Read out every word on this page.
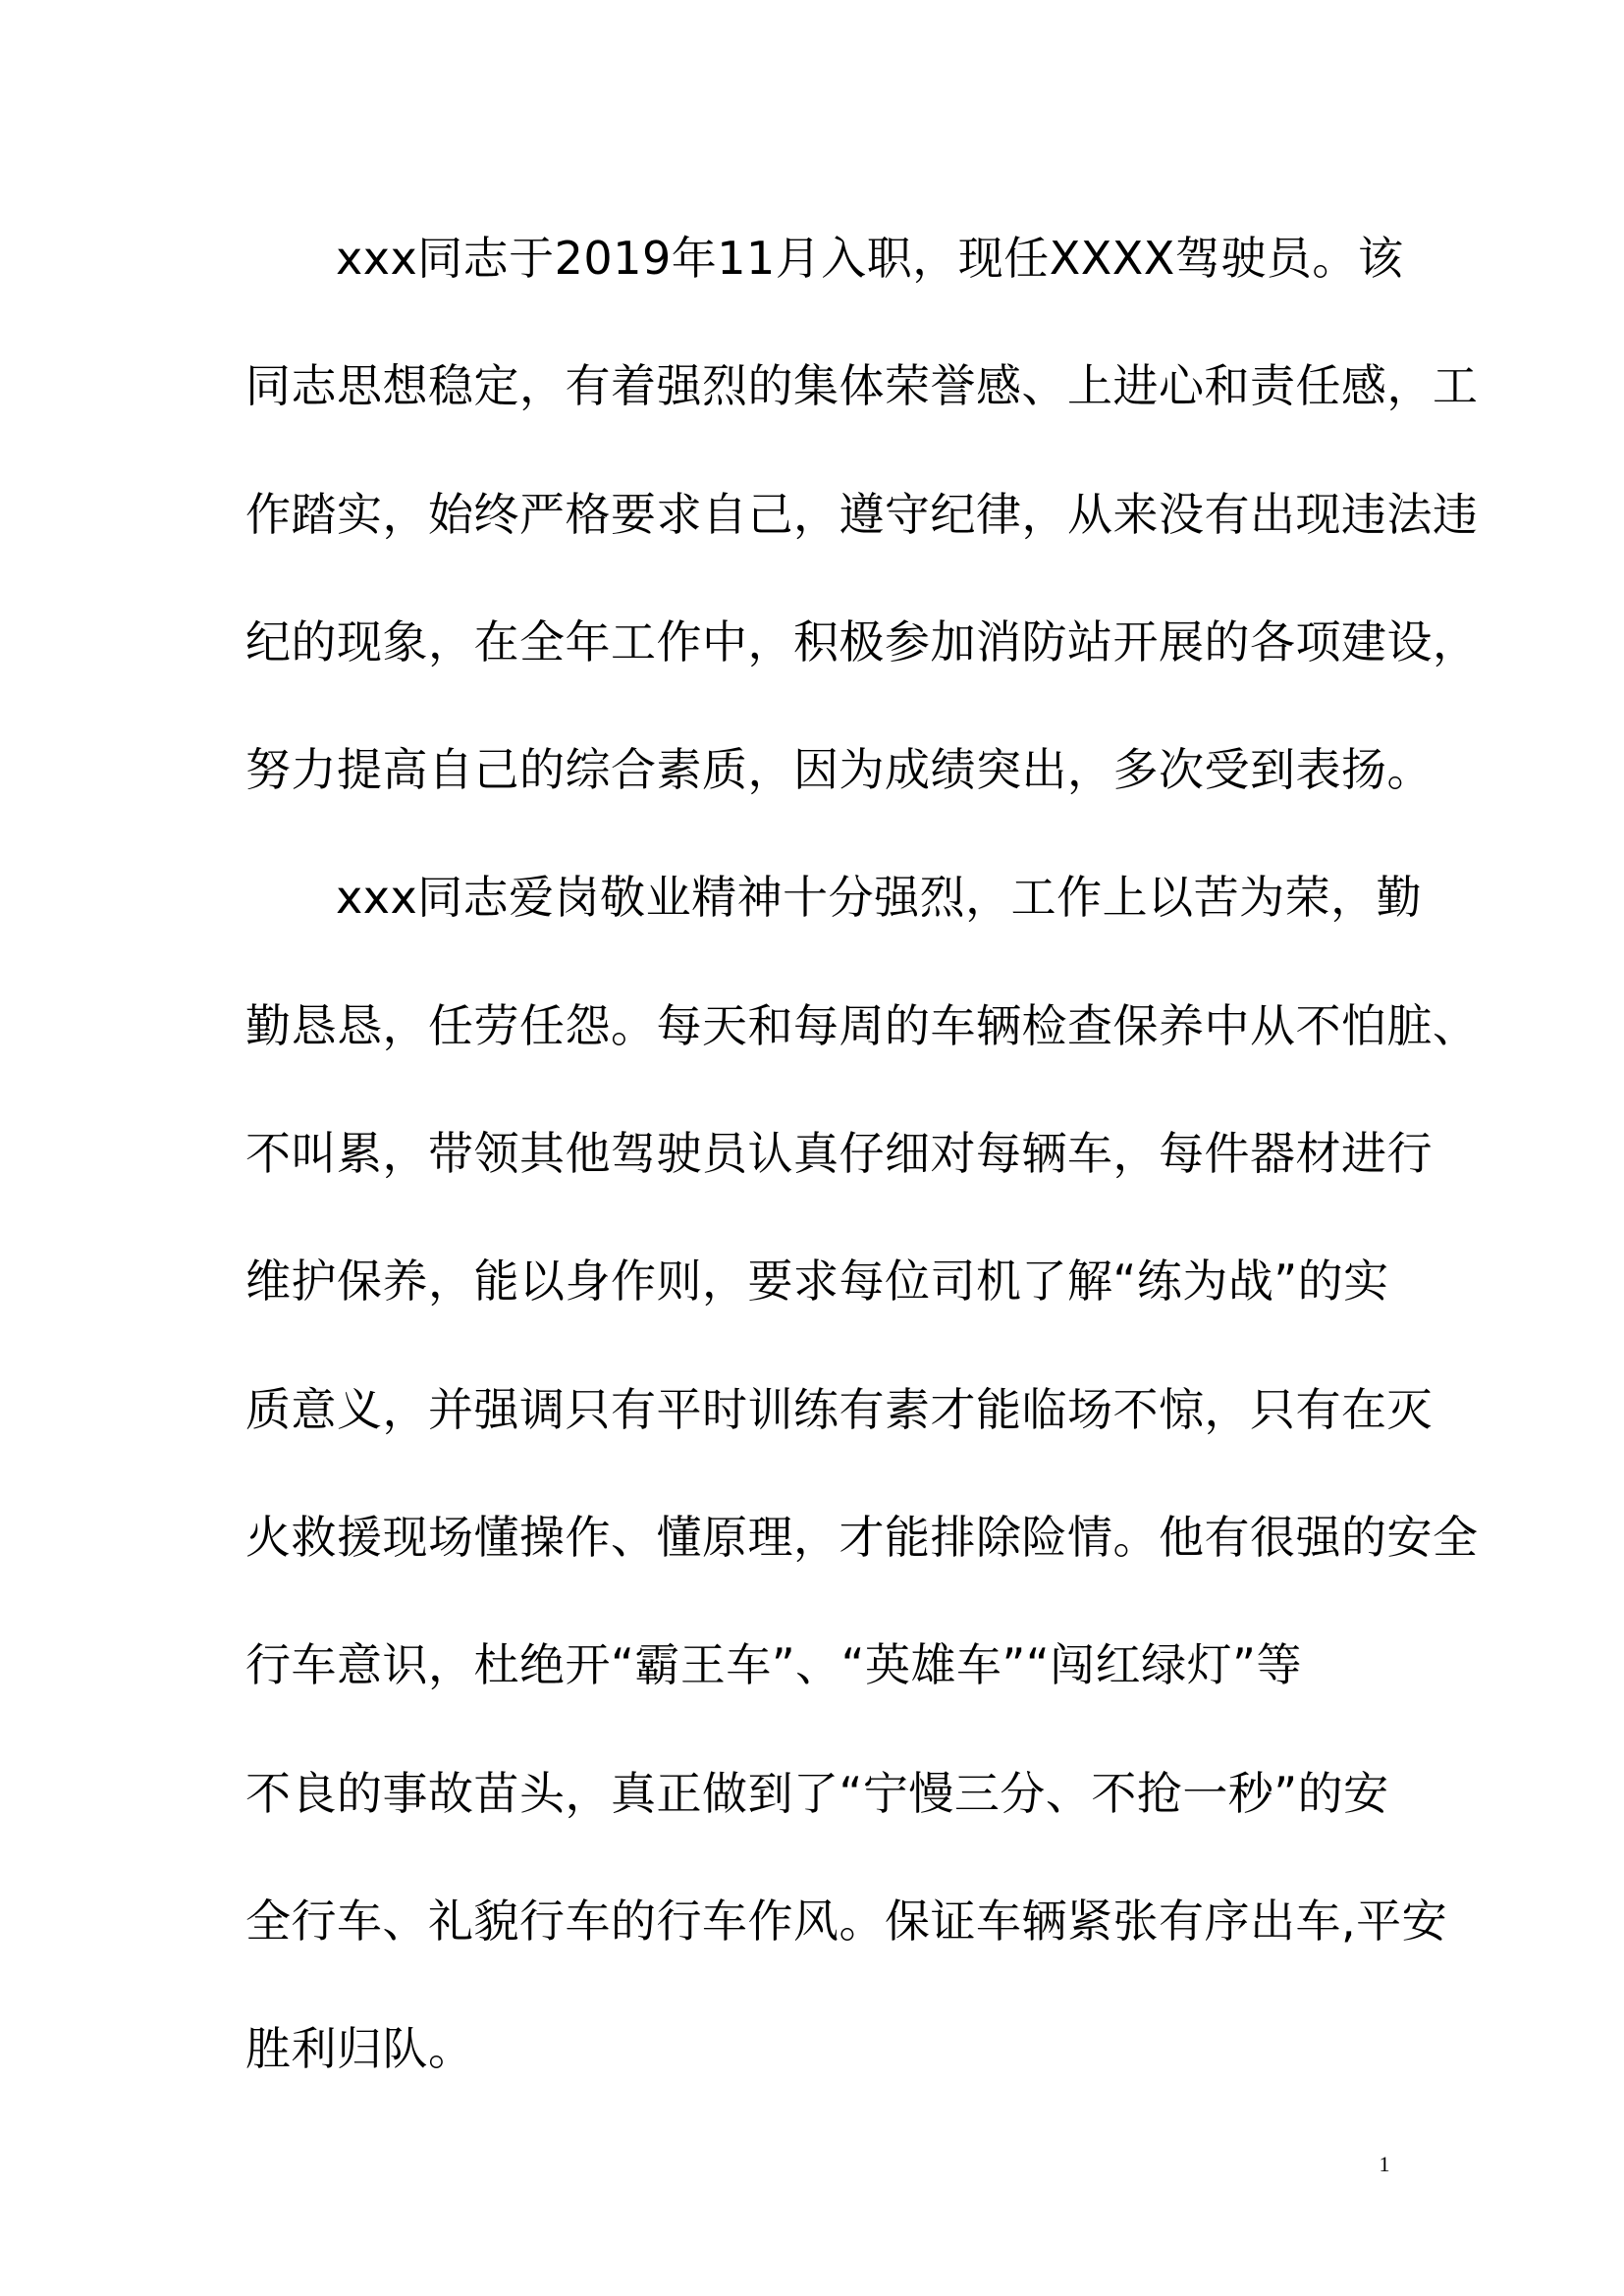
xxx同志于2019年11月入职，现任XXXX驾驶员。该
同志思想稳定，有着强烈的集体荣誉感、上进心和责任感，工
作踏实，始终严格要求自己，遵守纪律，从来没有出现违法违
纪的现象，在全年工作中，积极参加消防站开展的各项建设，
努力提高自己的综合素质，因为成绩突出，多次受到表扬。
xxx同志爱岗敬业精神十分强烈，工作上以苦为荣，勤
勤恳恳，任劳任怨。每天和每周的车辆检查保养中从不怕脏、
不叫累，带领其他驾驶员认真仔细对每辆车，每件器材进行
维护保养，能以身作则，要求每位司机了解“练为战”的实
质意义，并强调只有平时训练有素才能临场不惊，只有在灭
火救援现场懂操作、懂原理，才能排除险情。他有很强的安全
行车意识，杜绝开“霸王车”、“英雄车”“闯红绿灯”等
不良的事故苗头，真正做到了“宁慢三分、不抢一秒”的安
全行车、礼貌行车的行车作风。保证车辆紧张有序出车,平安
胜利归队。
1
